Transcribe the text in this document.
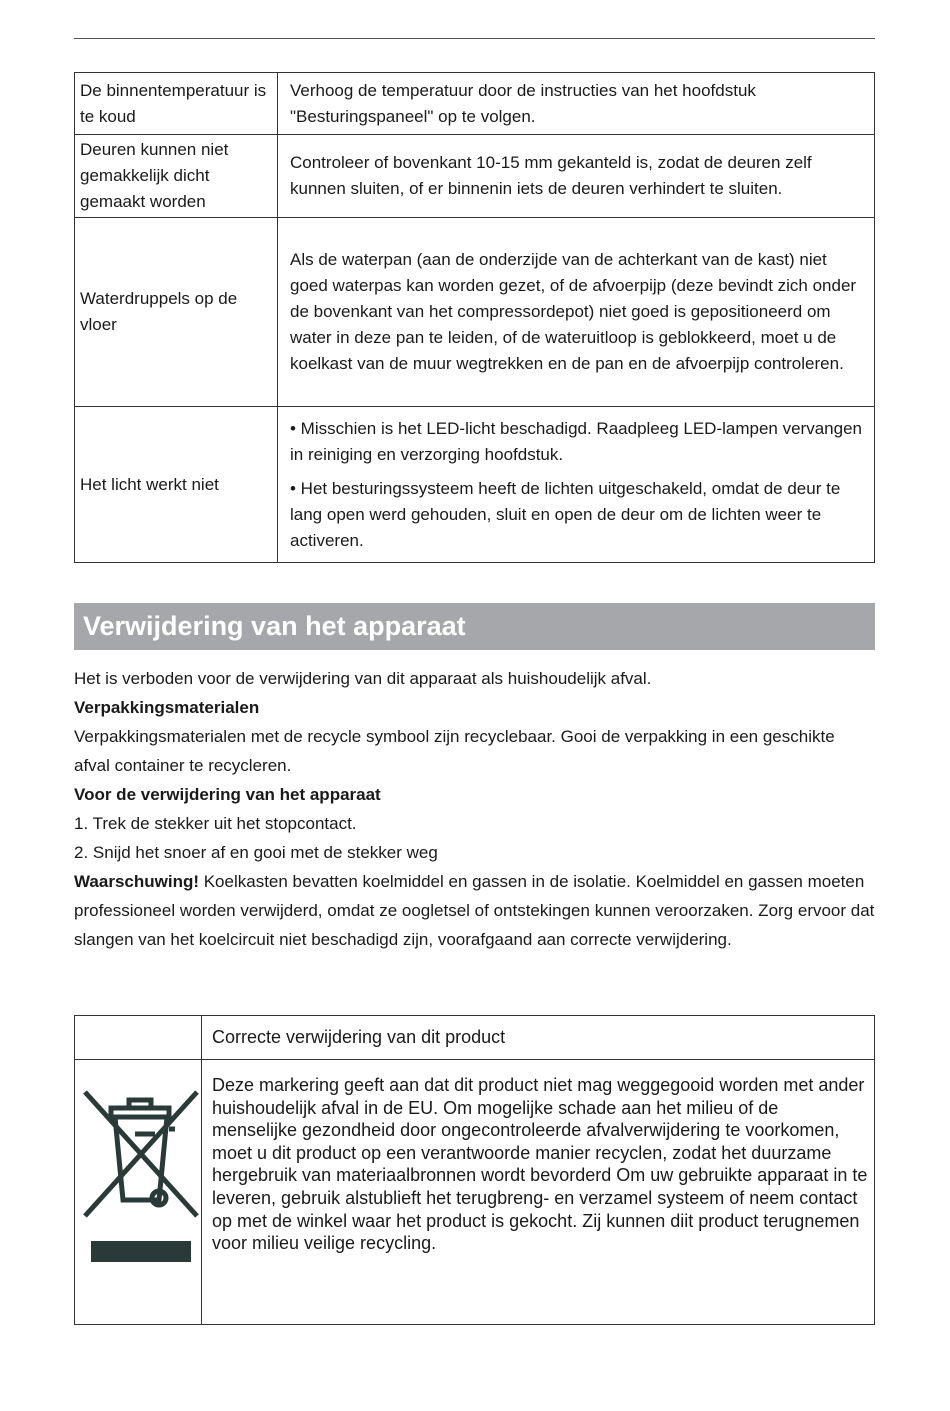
De binnentemperatuur is te koud	Verhoog de temperatuur door de instructies van het hoofdstuk "Besturingspaneel" op te volgen.

Deuren kunnen niet gemakkelijk dicht gemaakt worden	Controleer of bovenkant 10-15 mm gekanteld is, zodat de deuren zelf kunnen sluiten, of er binnenin iets de deuren verhindert te sluiten.

Waterdruppels op de vloer	Als de waterpan (aan de onderzijde van de achterkant van de kast) niet goed waterpas kan worden gezet, of de afvoerpijp (deze bevindt zich onder de bovenkant van het compressordepot) niet goed is gepositioneerd om water in deze pan te leiden, of de wateruitloop is geblokkeerd, moet u de koelkast van de muur wegtrekken en de pan en de afvoerpijp controleren.

Het licht werkt niet	• Misschien is het LED-licht beschadigd. Raadpleeg LED-lampen vervangen in reiniging en verzorging hoofdstuk.

• Het besturingssysteem heeft de lichten uitgeschakeld, omdat de deur te lang open werd gehouden, sluit en open de deur om de lichten weer te activeren.

Verwijdering van het apparaat

Het is verboden voor de verwijdering van dit apparaat als huishoudelijk afval.

Verpakkingsmaterialen

Verpakkingsmaterialen met de recycle symbool zijn recyclebaar. Gooi de verpakking in een geschikte afval container te recycleren.

Voor de verwijdering van het apparaat

1. Trek de stekker uit het stopcontact.

2. Snijd het snoer af en gooi met de stekker weg

Waarschuwing! Koelkasten bevatten koelmiddel en gassen in de isolatie. Koelmiddel en gassen moeten professioneel worden verwijderd, omdat ze oogletsel of ontstekingen kunnen veroorzaken. Zorg ervoor dat slangen van het koelcircuit niet beschadigd zijn, voorafgaand aan correcte verwijdering.

	Correcte verwijdering van dit product

	Deze markering geeft aan dat dit product niet mag weggegooid worden met ander huishoudelijk afval in de EU. Om mogelijke schade aan het milieu of de menselijke gezondheid door ongecontroleerde afvalverwijdering te voorkomen, moet u dit product op een verantwoorde manier recyclen, zodat het duurzame hergebruik van materiaalbronnen wordt bevorderd Om uw gebruikte apparaat in te leveren, gebruik alstublieft het terugbreng- en verzamel systeem of neem contact op met de winkel waar het product is gekocht. Zij kunnen diit product terugnemen voor milieu veilige recycling.
